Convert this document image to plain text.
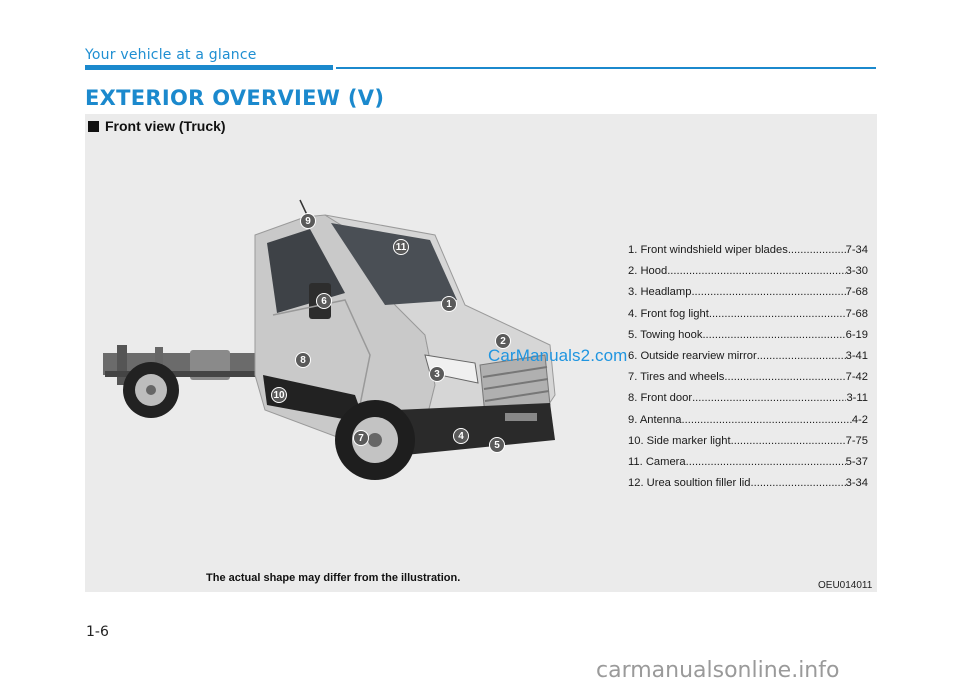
Your vehicle at a glance
EXTERIOR OVERVIEW (V)
Front view (Truck)
1
2
3
4
5
6
7
8
9
10
11
CarManuals2.com
1. Front windshield wiper blades .....	7-34
2. Hood .....	3-30
3. Headlamp .....	7-68
4. Front fog light .....	7-68
5. Towing hook .....	6-19
6. Outside rearview mirror .....	3-41
7. Tires and wheels .....	7-42
8. Front door .....	3-11
9. Antenna .....	4-2
10. Side marker light .....	7-75
11. Camera .....	5-37
12. Urea soultion filler lid .....	3-34
The actual shape may differ from the illustration.
OEU014011
1-6
carmanualsonline.info
